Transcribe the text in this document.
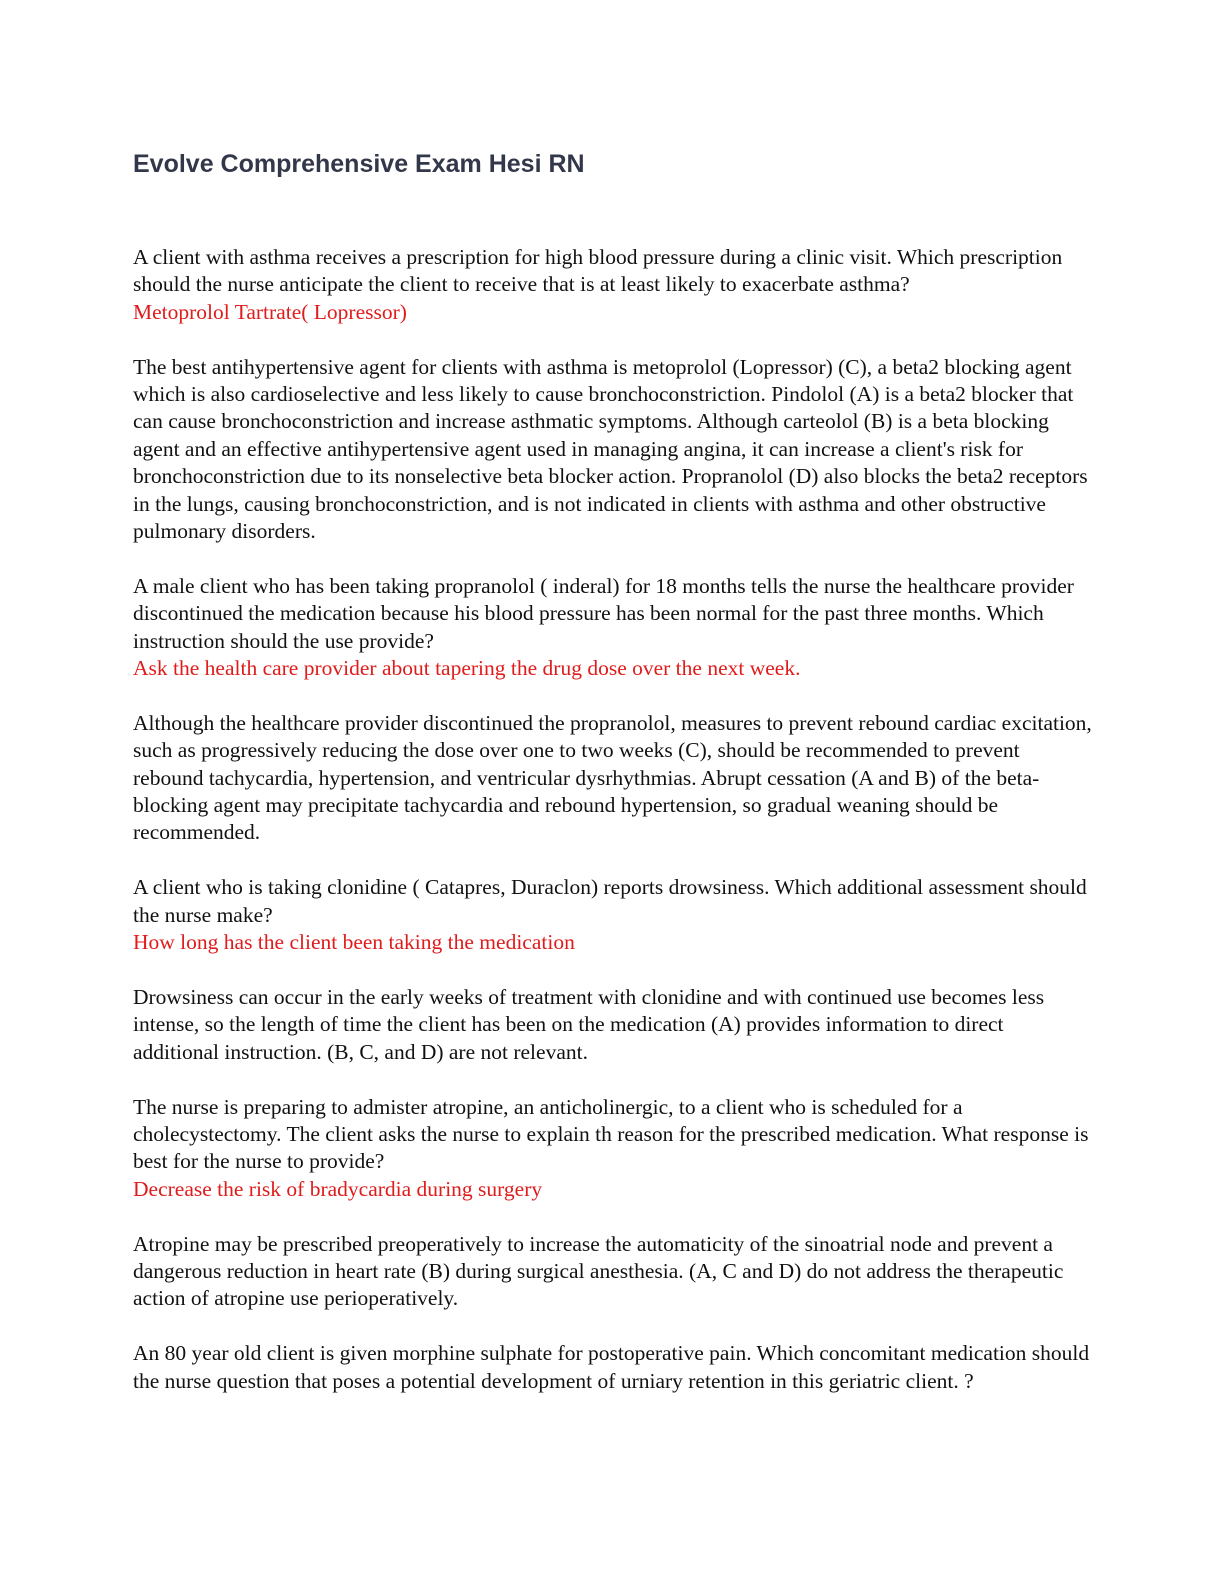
Evolve Comprehensive Exam Hesi RN

A client with asthma receives a prescription for high blood pressure during a clinic visit. Which prescription should the nurse anticipate the client to receive that is at least likely to exacerbate asthma?

Metoprolol Tartrate( Lopressor)

The best antihypertensive agent for clients with asthma is metoprolol (Lopressor) (C), a beta2 blocking agent which is also cardioselective and less likely to cause bronchoconstriction. Pindolol (A) is a beta2 blocker that can cause bronchoconstriction and increase asthmatic symptoms. Although carteolol (B) is a beta blocking agent and an effective antihypertensive agent used in managing angina, it can increase a client's risk for bronchoconstriction due to its nonselective beta blocker action. Propranolol (D) also blocks the beta2 receptors in the lungs, causing bronchoconstriction, and is not indicated in clients with asthma and other obstructive pulmonary disorders.

A male client who has been taking propranolol ( inderal) for 18 months tells the nurse the healthcare provider discontinued the medication because his blood pressure has been normal for the past three months. Which instruction should the use provide?

Ask the health care provider about tapering the drug dose over the next week.

Although the healthcare provider discontinued the propranolol, measures to prevent rebound cardiac excitation, such as progressively reducing the dose over one to two weeks (C), should be recommended to prevent rebound tachycardia, hypertension, and ventricular dysrhythmias. Abrupt cessation (A and B) of the beta-blocking agent may precipitate tachycardia and rebound hypertension, so gradual weaning should be recommended.

A client who is taking clonidine ( Catapres, Duraclon) reports drowsiness. Which additional assessment should the nurse make?

How long has the client been taking the medication

Drowsiness can occur in the early weeks of treatment with clonidine and with continued use becomes less intense, so the length of time the client has been on the medication (A) provides information to direct additional instruction. (B, C, and D) are not relevant.

The nurse is preparing to admister atropine, an anticholinergic, to a client who is scheduled for a cholecystectomy. The client asks the nurse to explain th reason for the prescribed medication. What response is best for the nurse to provide?

Decrease the risk of bradycardia during surgery

Atropine may be prescribed preoperatively to increase the automaticity of the sinoatrial node and prevent a dangerous reduction in heart rate (B) during surgical anesthesia. (A, C and D) do not address the therapeutic action of atropine use perioperatively.

An 80 year old client is given morphine sulphate for postoperative pain. Which concomitant medication should the nurse question that poses a potential development of urniary retention in this geriatric client. ?
